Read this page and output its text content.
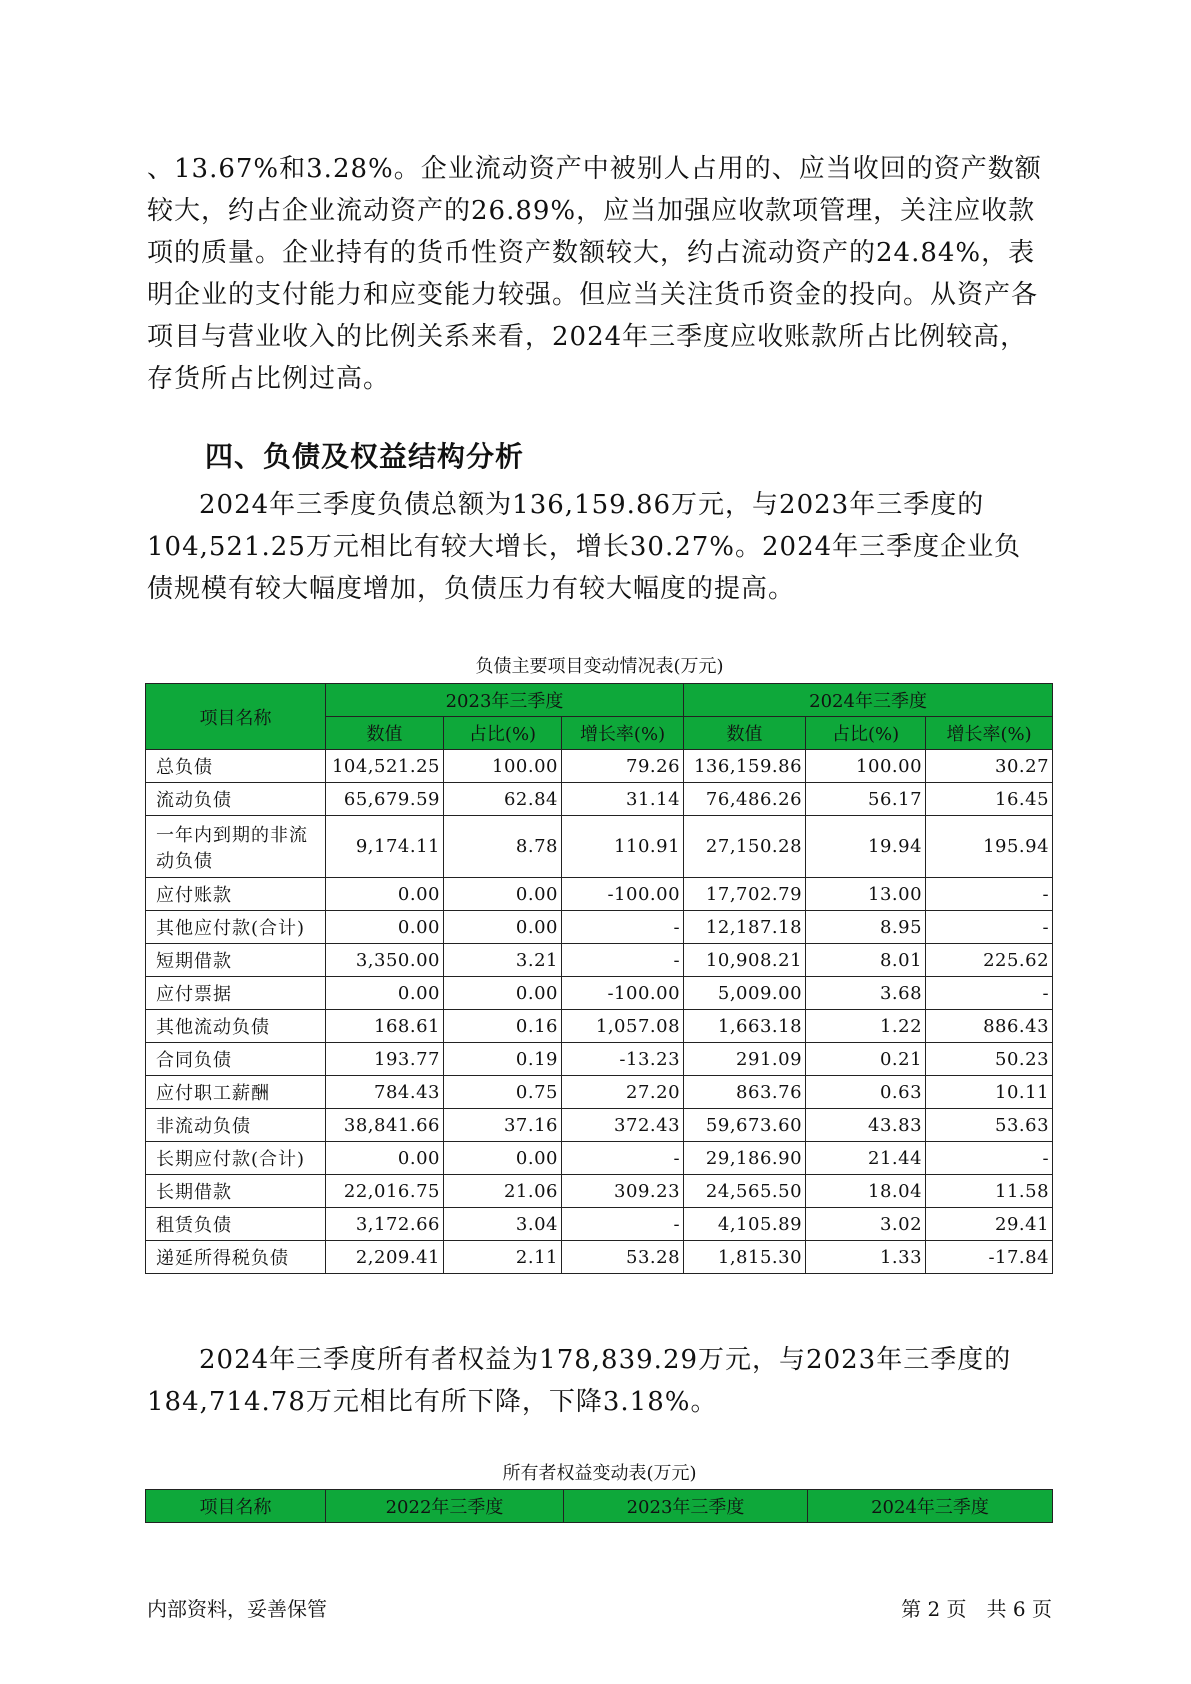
、13.67%和3.28%。企业流动资产中被别人占用的、应当收回的资产数额较大，约占企业流动资产的26.89%，应当加强应收款项管理，关注应收款项的质量。企业持有的货币性资产数额较大，约占流动资产的24.84%，表明企业的支付能力和应变能力较强。但应当关注货币资金的投向。从资产各项目与营业收入的比例关系来看，2024年三季度应收账款所占比例较高，存货所占比例过高。

四、负债及权益结构分析

2024年三季度负债总额为136,159.86万元，与2023年三季度的104,521.25万元相比有较大增长，增长30.27%。2024年三季度企业负债规模有较大幅度增加，负债压力有较大幅度的提高。

负债主要项目变动情况表(万元)

项目名称	2023年三季度			2024年三季度		
	数值	占比(%)	增长率(%)	数值	占比(%)	增长率(%)
总负债	104,521.25	100.00	79.26	136,159.86	100.00	30.27
流动负债	65,679.59	62.84	31.14	76,486.26	56.17	16.45
一年内到期的非流动负债	9,174.11	8.78	110.91	27,150.28	19.94	195.94
应付账款	0.00	0.00	-100.00	17,702.79	13.00	-
其他应付款(合计)	0.00	0.00	-	12,187.18	8.95	-
短期借款	3,350.00	3.21	-	10,908.21	8.01	225.62
应付票据	0.00	0.00	-100.00	5,009.00	3.68	-
其他流动负债	168.61	0.16	1,057.08	1,663.18	1.22	886.43
合同负债	193.77	0.19	-13.23	291.09	0.21	50.23
应付职工薪酬	784.43	0.75	27.20	863.76	0.63	10.11
非流动负债	38,841.66	37.16	372.43	59,673.60	43.83	53.63
长期应付款(合计)	0.00	0.00	-	29,186.90	21.44	-
长期借款	22,016.75	21.06	309.23	24,565.50	18.04	11.58
租赁负债	3,172.66	3.04	-	4,105.89	3.02	29.41
递延所得税负债	2,209.41	2.11	53.28	1,815.30	1.33	-17.84

2024年三季度所有者权益为178,839.29万元，与2023年三季度的184,714.78万元相比有所下降，下降3.18%。

所有者权益变动表(万元)

项目名称	2022年三季度	2023年三季度	2024年三季度

内部资料，妥善保管	第 2 页　共 6 页
